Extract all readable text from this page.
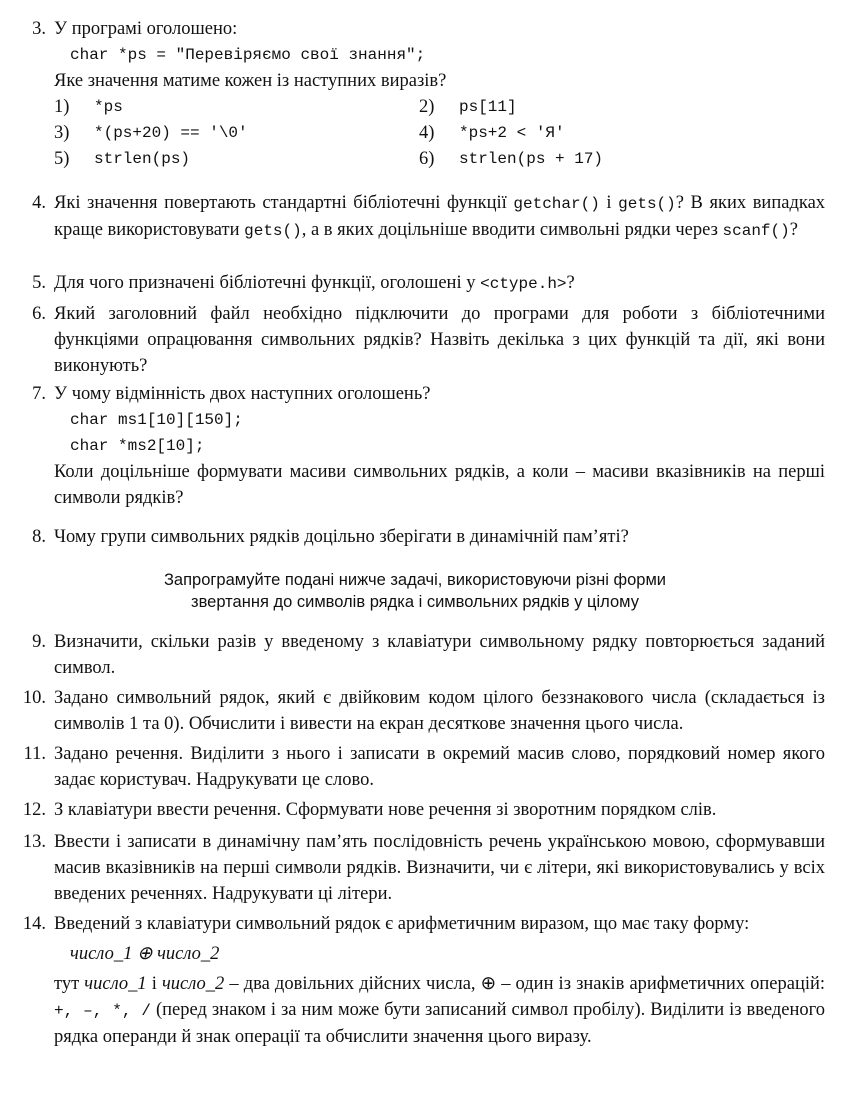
3. У програмі оголошено:
char *ps = "Перевіряємо свої знання";
Яке значення матиме кожен із наступних виразів?
1)	*ps	2)	ps[11]
3)	*(ps+20) == '\0'	4)	*ps+2 < 'Я'
5)	strlen(ps)	6)	strlen(ps + 17)
4. Які значення повертають стандартні бібліотечні функції getchar() і gets()? В яких випадках краще використовувати gets(), а в яких доцільніше вводити символьні рядки через scanf()?
5. Для чого призначені бібліотечні функції, оголошені у <ctype.h>?
6. Який заголовний файл необхідно підключити до програми для роботи з бібліотечними функціями опрацювання символьних рядків? Назвіть декілька з цих функцій та дії, які вони виконують?
7. У чому відмінність двох наступних оголошень?
char ms1[10][150];
char *ms2[10];
Коли доцільніше формувати масиви символьних рядків, а коли – масиви вказівників на перші символи рядків?
8. Чому групи символьних рядків доцільно зберігати в динамічній пам’яті?
Запрограмуйте подані нижче задачі, використовуючи різні форми
звертання до символів рядка і символьних рядків у цілому
9. Визначити, скільки разів у введеному з клавіатури символьному рядку повторюється заданий символ.
10. Задано символьний рядок, який є двійковим кодом цілого беззнакового числа (складається із символів 1 та 0). Обчислити і вивести на екран десяткове значення цього числа.
11. Задано речення. Виділити з нього і записати в окремий масив слово, порядковий номер якого задає користувач. Надрукувати це слово.
12. З клавіатури ввести речення. Сформувати нове речення зі зворотним порядком слів.
13. Ввести і записати в динамічну пам’ять послідовність речень українською мовою, сформувавши масив вказівників на перші символи рядків. Визначити, чи є літери, які використовувались у всіх введених реченнях. Надрукувати ці літери.
14. Введений з клавіатури символьний рядок є арифметичним виразом, що має таку форму:
число_1 ⊕ число_2
тут число_1 і число_2 – два довільних дійсних числа, ⊕ – один із знаків арифметичних операцій: +, –, *, / (перед знаком і за ним може бути записаний символ пробілу). Виділити із введеного рядка операнди й знак операції та обчислити значення цього виразу.
